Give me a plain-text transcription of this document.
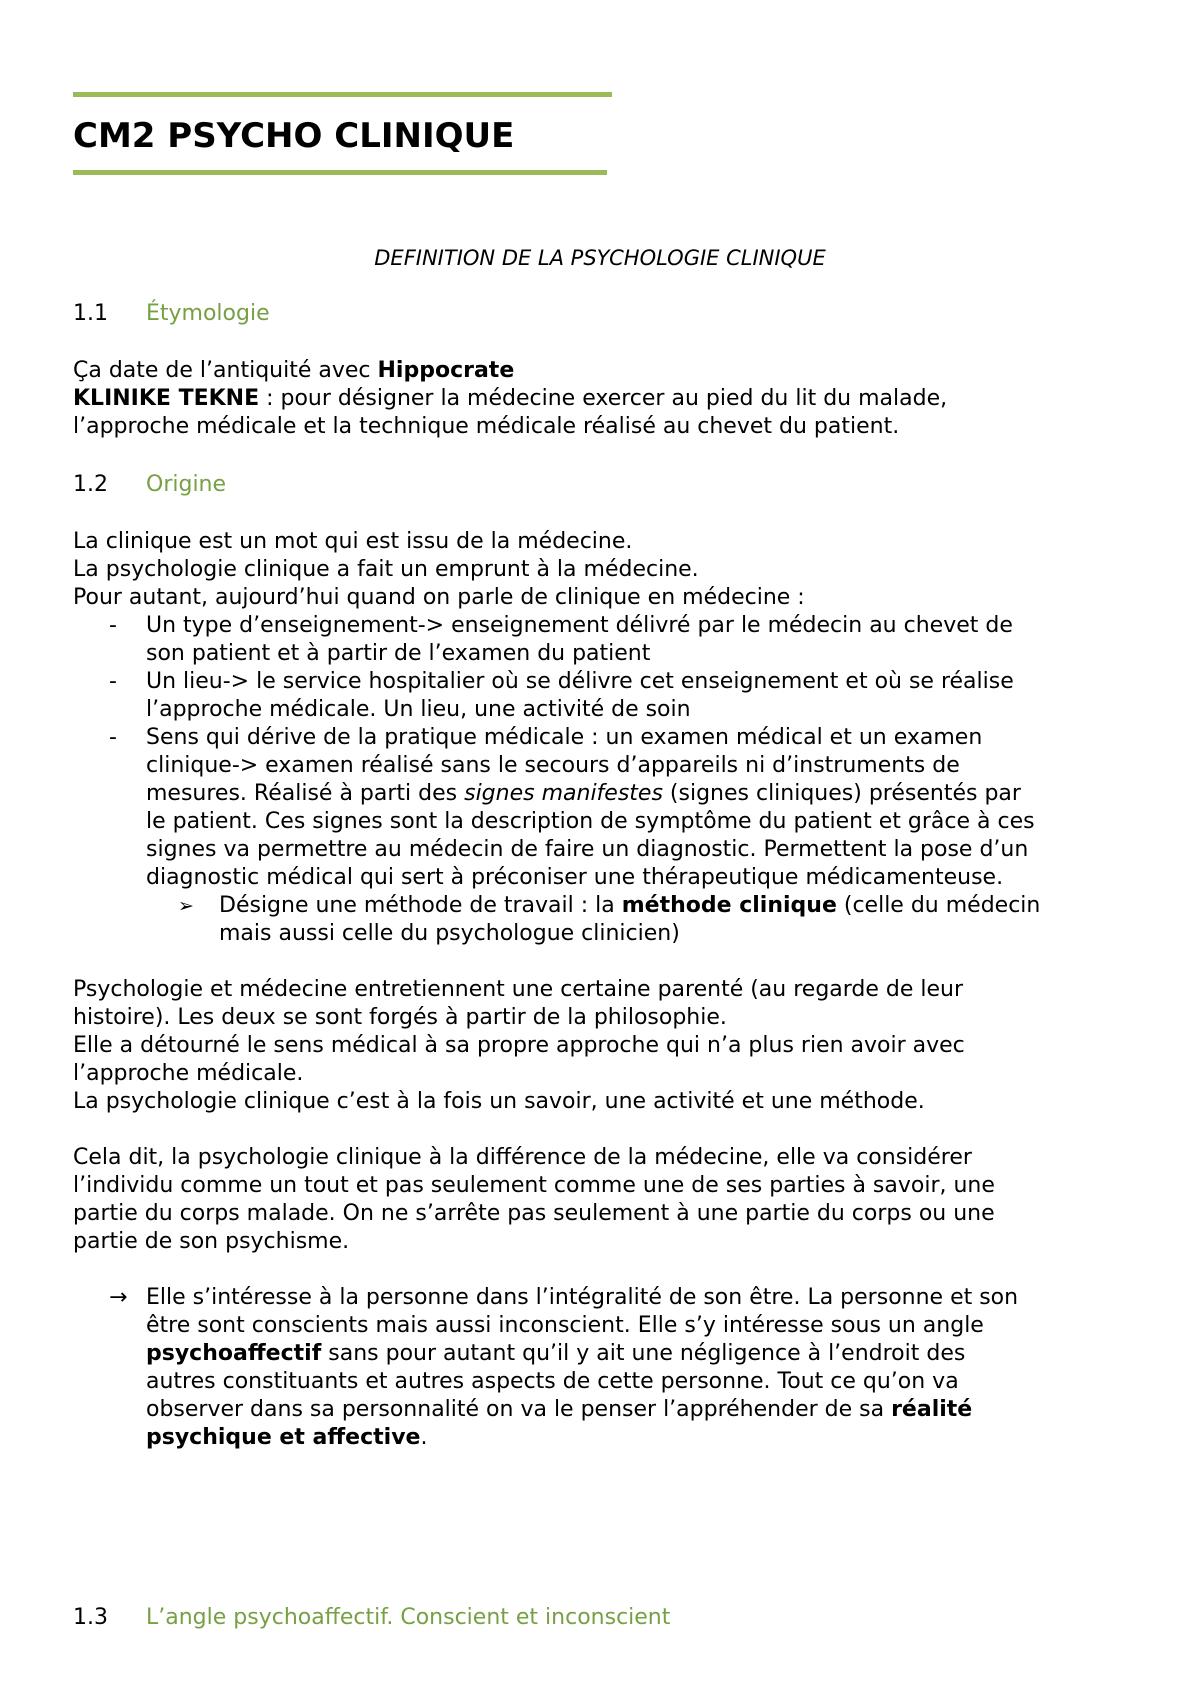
CM2 PSYCHO CLINIQUE
DEFINITION DE LA PSYCHOLOGIE CLINIQUE
1.1 Étymologie

Ça date de l’antiquité avec Hippocrate

KLINIKE TEKNE : pour désigner la médecine exercer au pied du lit du malade,

l’approche médicale et la technique médicale réalisé au chevet du patient.

1.2 Origine

La clinique est un mot qui est issu de la médecine.

La psychologie clinique a fait un emprunt à la médecine.

Pour autant, aujourd’hui quand on parle de clinique en médecine :

- Un type d’enseignement-> enseignement délivré par le médecin au chevet de

son patient et à partir de l’examen du patient

- Un lieu-> le service hospitalier où se délivre cet enseignement et où se réalise

l’approche médicale. Un lieu, une activité de soin

- Sens qui dérive de la pratique médicale : un examen médical et un examen

clinique-> examen réalisé sans le secours d’appareils ni d’instruments de

mesures. Réalisé à parti des signes manifestes (signes cliniques) présentés par

le patient. Ces signes sont la description de symptôme du patient et grâce à ces

signes va permettre au médecin de faire un diagnostic. Permettent la pose d’un

diagnostic médical qui sert à préconiser une thérapeutique médicamenteuse.

➢ Désigne une méthode de travail : la méthode clinique (celle du médecin

mais aussi celle du psychologue clinicien)

Psychologie et médecine entretiennent une certaine parenté (au regarde de leur

histoire). Les deux se sont forgés à partir de la philosophie.

Elle a détourné le sens médical à sa propre approche qui n’a plus rien avoir avec

l’approche médicale.

La psychologie clinique c’est à la fois un savoir, une activité et une méthode.

Cela dit, la psychologie clinique à la différence de la médecine, elle va considérer

l’individu comme un tout et pas seulement comme une de ses parties à savoir, une

partie du corps malade. On ne s’arrête pas seulement à une partie du corps ou une

partie de son psychisme.

→ Elle s’intéresse à la personne dans l’intégralité de son être. La personne et son

être sont conscients mais aussi inconscient. Elle s’y intéresse sous un angle

psychoaffectif sans pour autant qu’il y ait une négligence à l’endroit des

autres constituants et autres aspects de cette personne. Tout ce qu’on va

observer dans sa personnalité on va le penser l’appréhender de sa réalité

psychique et affective.

1.3 L’angle psychoaffectif. Conscient et inconscient
